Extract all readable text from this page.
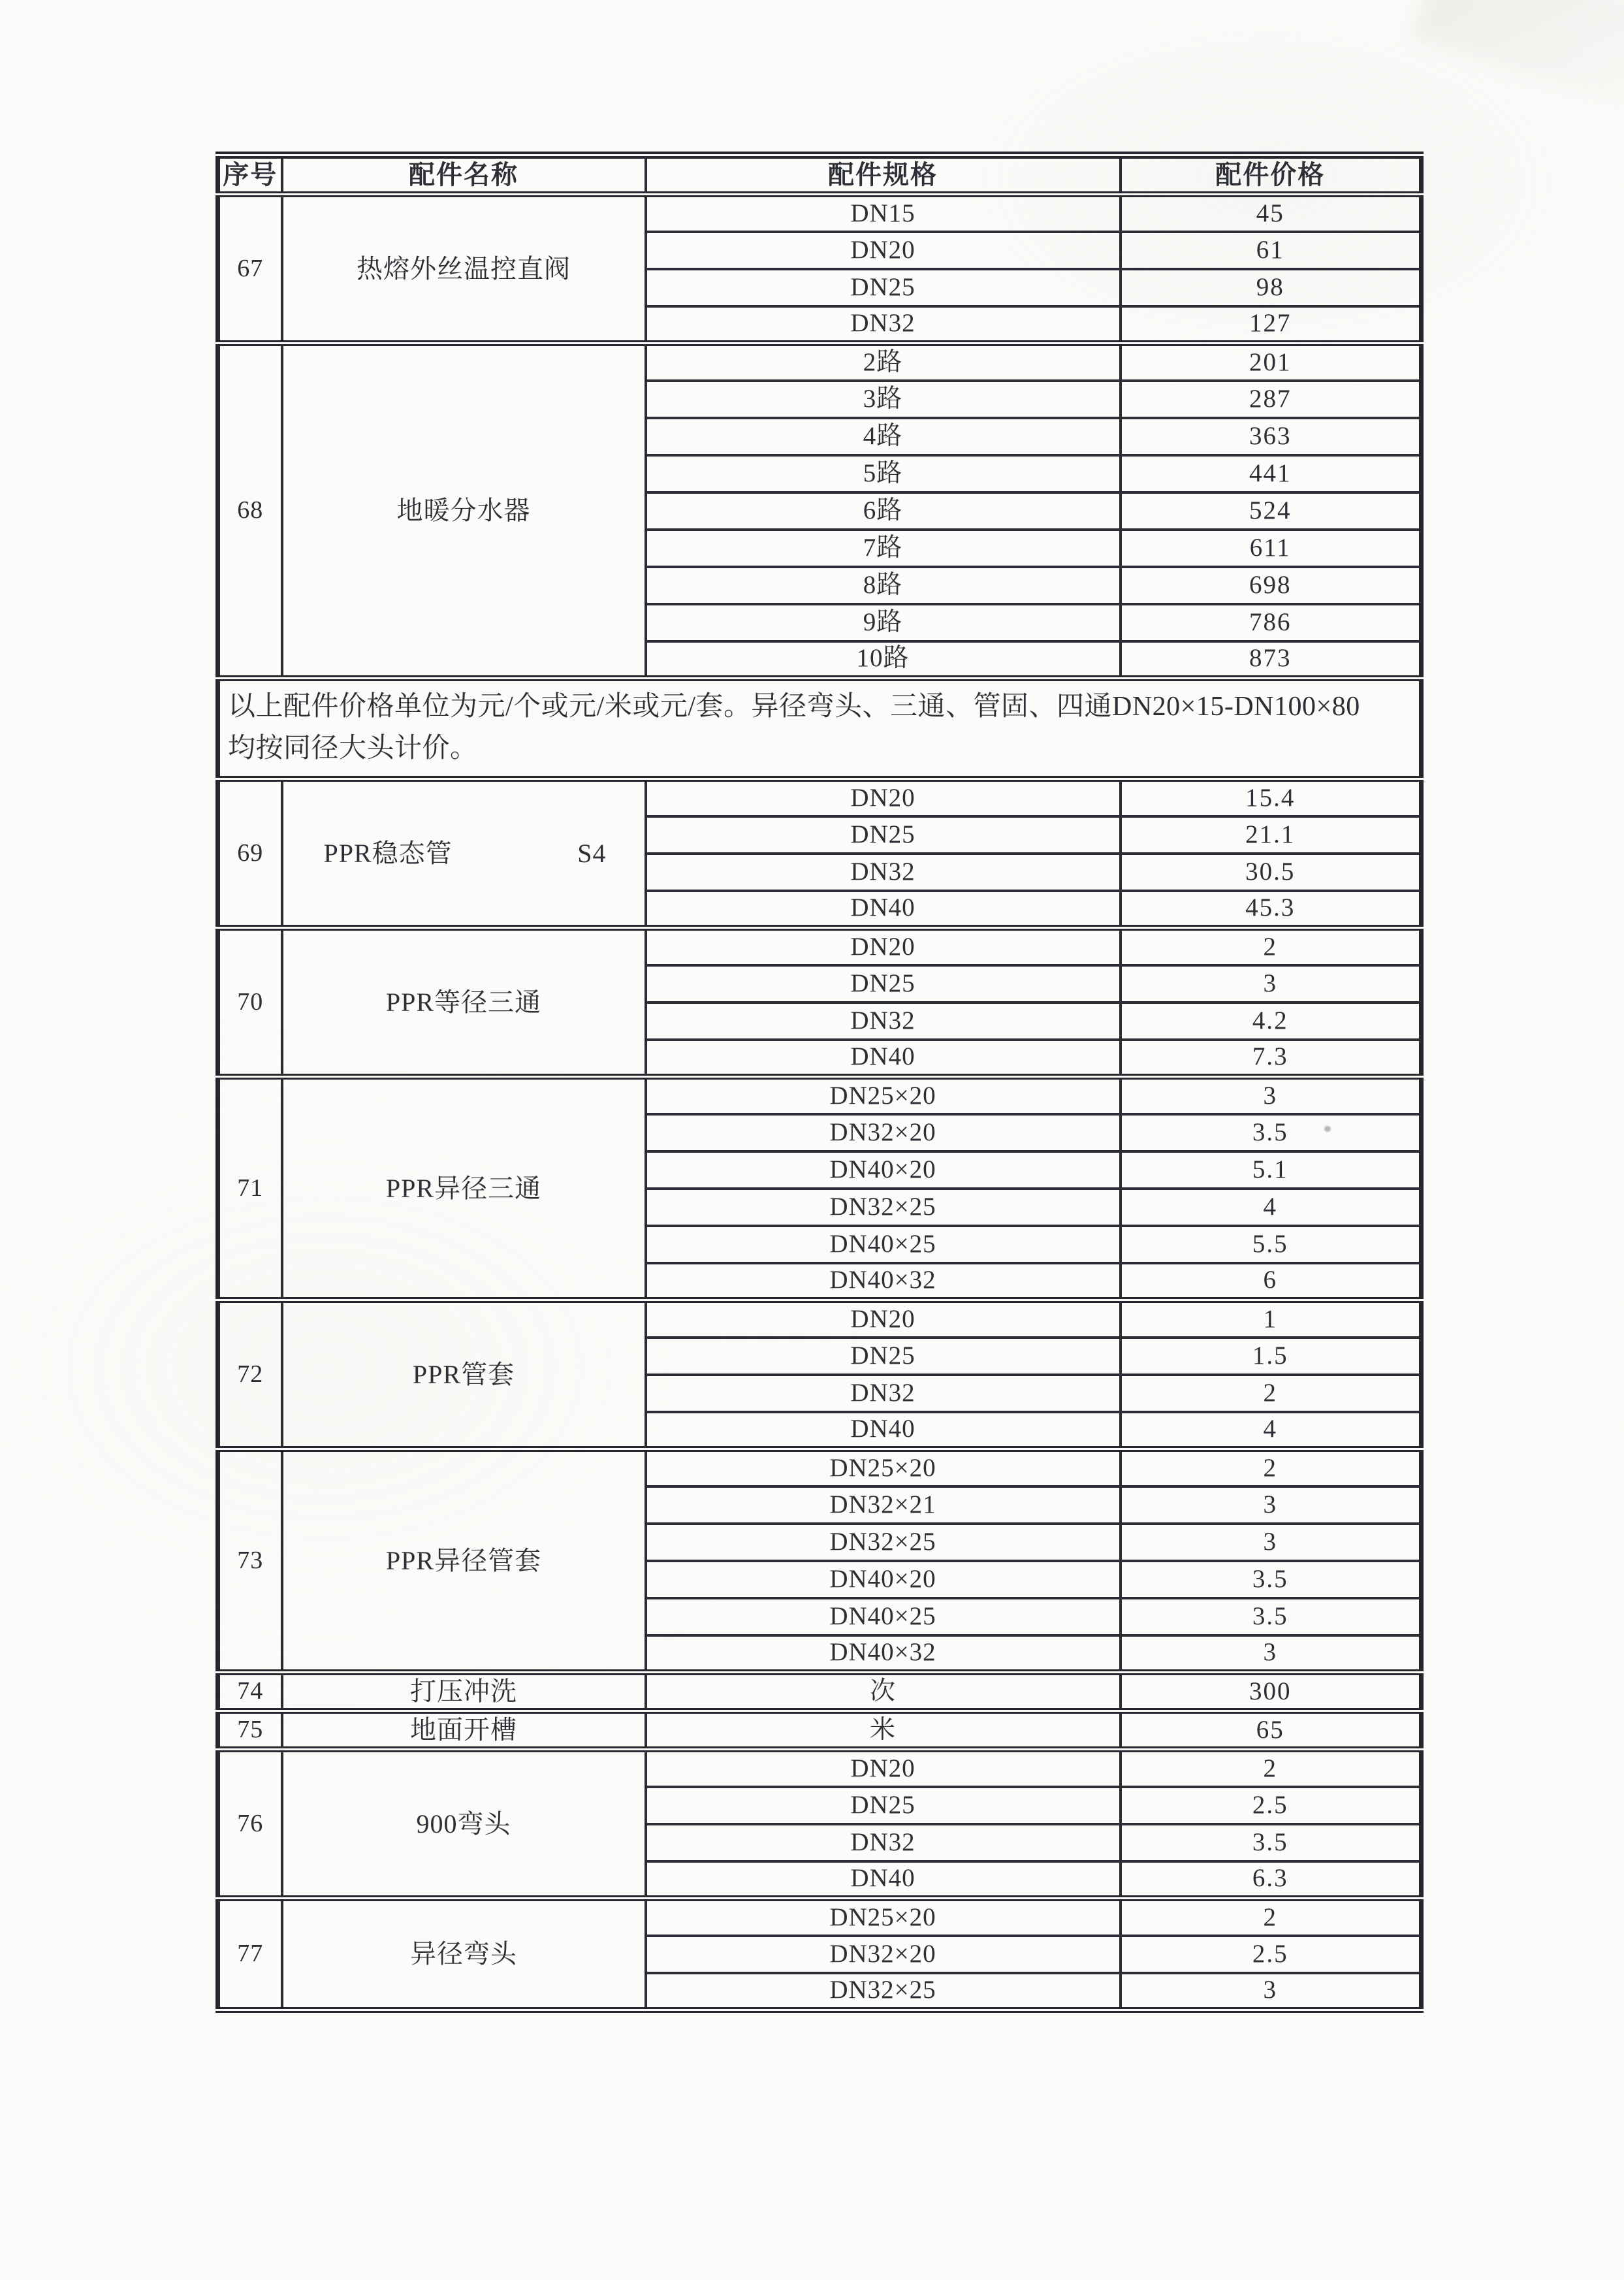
序号	配件名称	配件规格	配件价格
67	热熔外丝温控直阀	DN15	45
		DN20	61
		DN25	98
		DN32	127
68	地暖分水器	2路	201
		3路	287
		4路	363
		5路	441
		6路	524
		7路	611
		8路	698
		9路	786
		10路	873

以上配件价格单位为元/个或元/米或元/套。异径弯头、三通、管固、四通DN20×15-DN100×80
均按同径大头计价。			

69	PPR稳态管 S4	DN20	15.4
		DN25	21.1
		DN32	30.5
		DN40	45.3
70	PPR等径三通	DN20	2
		DN25	3
		DN32	4.2
		DN40	7.3
71	PPR异径三通	DN25×20	3
		DN32×20	3.5
		DN40×20	5.1
		DN32×25	4
		DN40×25	5.5
		DN40×32	6
72	PPR管套	DN20	1
		DN25	1.5
		DN32	2
		DN40	4
73	PPR异径管套	DN25×20	2
		DN32×21	3
		DN32×25	3
		DN40×20	3.5
		DN40×25	3.5
		DN40×32	3
74	打压冲洗	次	300
75	地面开槽	米	65
76	900弯头	DN20	2
		DN25	2.5
		DN32	3.5
		DN40	6.3
77	异径弯头	DN25×20	2
		DN32×20	2.5
		DN32×25	3
